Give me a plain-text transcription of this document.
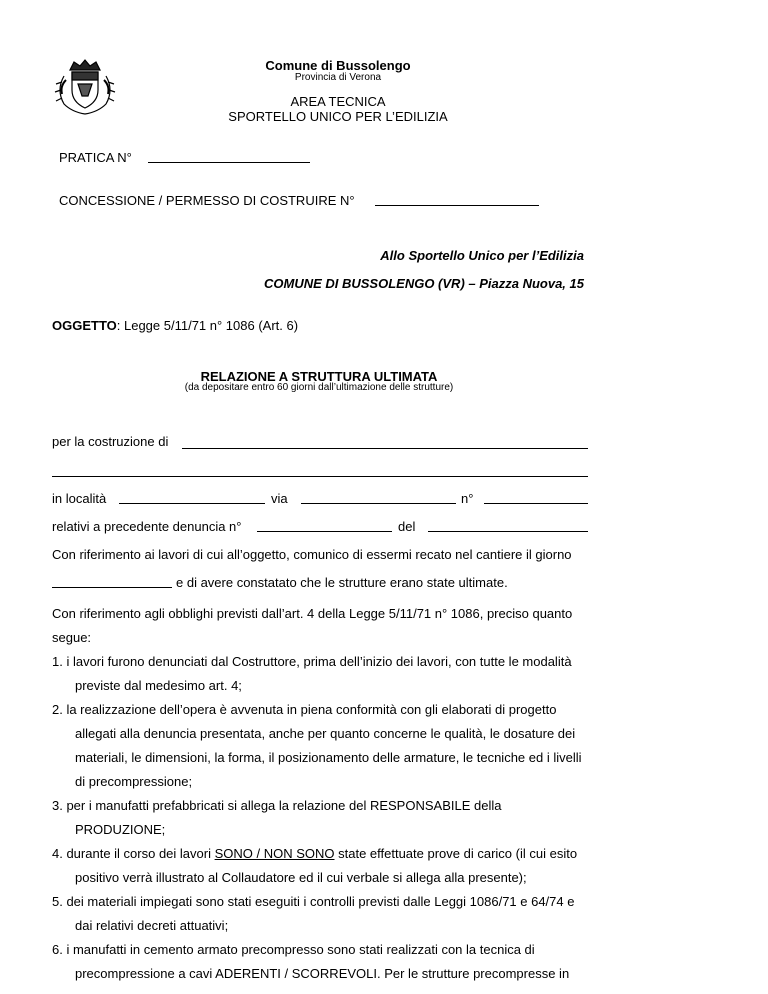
Comune di Bussolengo
Provincia di Verona
AREA TECNICA
SPORTELLO UNICO PER L’EDILIZIA
PRATICA N°
CONCESSIONE / PERMESSO DI COSTRUIRE N°
Allo Sportello Unico per l’Edilizia
COMUNE DI BUSSOLENGO (VR) – Piazza Nuova, 15
OGGETTO: Legge 5/11/71 n° 1086 (Art. 6)
RELAZIONE A STRUTTURA ULTIMATA
(da depositare entro 60 giorni dall’ultimazione delle strutture)
per la costruzione di
in località	via	n°
relativi a precedente denuncia n°	del
Con riferimento ai lavori di cui all’oggetto, comunico di essermi recato nel cantiere il giorno
e di avere constatato che le strutture erano state ultimate.
Con riferimento agli obblighi previsti dall’art. 4 della Legge 5/11/71 n° 1086, preciso quanto
segue:
1. i lavori furono denunciati dal Costruttore, prima dell’inizio dei lavori, con tutte le modalità
previste dal medesimo art. 4;
2. la realizzazione dell’opera è avvenuta in piena conformità con gli elaborati di progetto
allegati alla denuncia presentata, anche per quanto concerne le qualità, le dosature dei
materiali, le dimensioni, la forma, il posizionamento delle armature, le tecniche ed i livelli
di precompressione;
3. per i manufatti prefabbricati si allega la relazione del RESPONSABILE della
PRODUZIONE;
4. durante il corso dei lavori SONO / NON SONO state effettuate prove di carico (il cui esito
positivo verrà illustrato al Collaudatore ed il cui verbale si allega alla presente);
5. dei materiali impiegati sono stati eseguiti i controlli previsti dalle Leggi 1086/71 e 64/74 e
dai relativi decreti attuativi;
6. i manufatti in cemento armato precompresso sono stati realizzati con la tecnica di
precompressione a cavi ADERENTI / SCORREVOLI. Per le strutture precompresse in
